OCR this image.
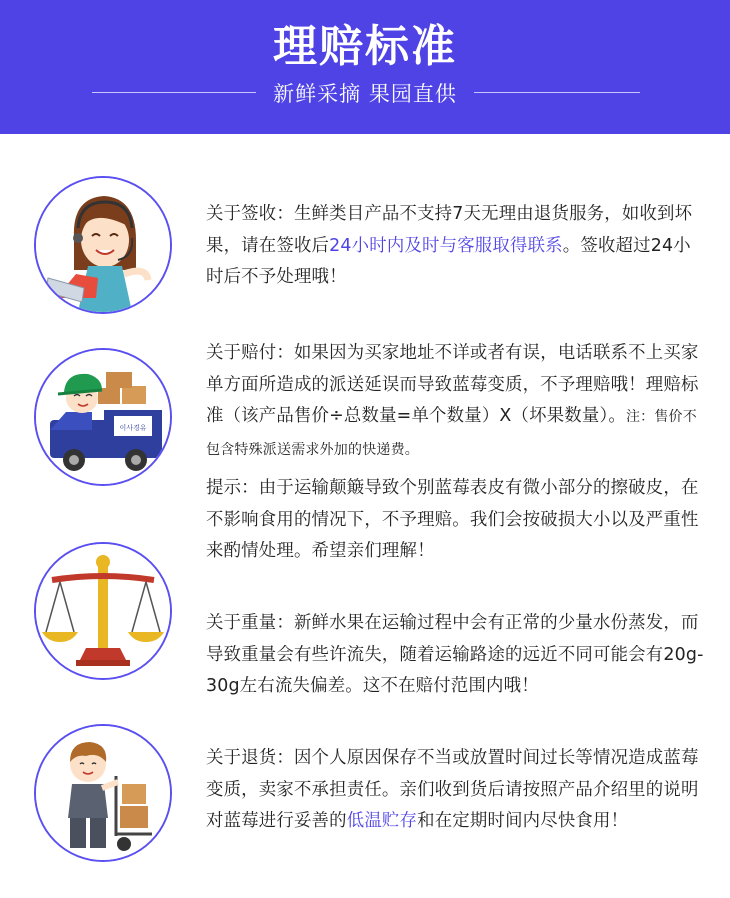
理赔标准
新鲜采摘 果园直供
关于签收：生鲜类目产品不支持7天无理由退货服务，如收到坏果，请在签收后24小时内及时与客服取得联系。签收超过24小时后不予处理哦！
이사경유
关于赔付：如果因为买家地址不详或者有误，电话联系不上买家单方面所造成的派送延误而导致蓝莓变质，不予理赔哦！理赔标准（该产品售价÷总数量=单个数量）X（坏果数量）。注：售价不包含特殊派送需求外加的快递费。
提示：由于运输颠簸导致个别蓝莓表皮有微小部分的擦破皮，在不影响食用的情况下，不予理赔。我们会按破损大小以及严重性来酌情处理。希望亲们理解！
关于重量：新鲜水果在运输过程中会有正常的少量水份蒸发，而导致重量会有些许流失，随着运输路途的远近不同可能会有20g-30g左右流失偏差。这不在赔付范围内哦！
关于退货：因个人原因保存不当或放置时间过长等情况造成蓝莓变质，卖家不承担责任。亲们收到货后请按照产品介绍里的说明对蓝莓进行妥善的低温贮存和在定期时间内尽快食用！
